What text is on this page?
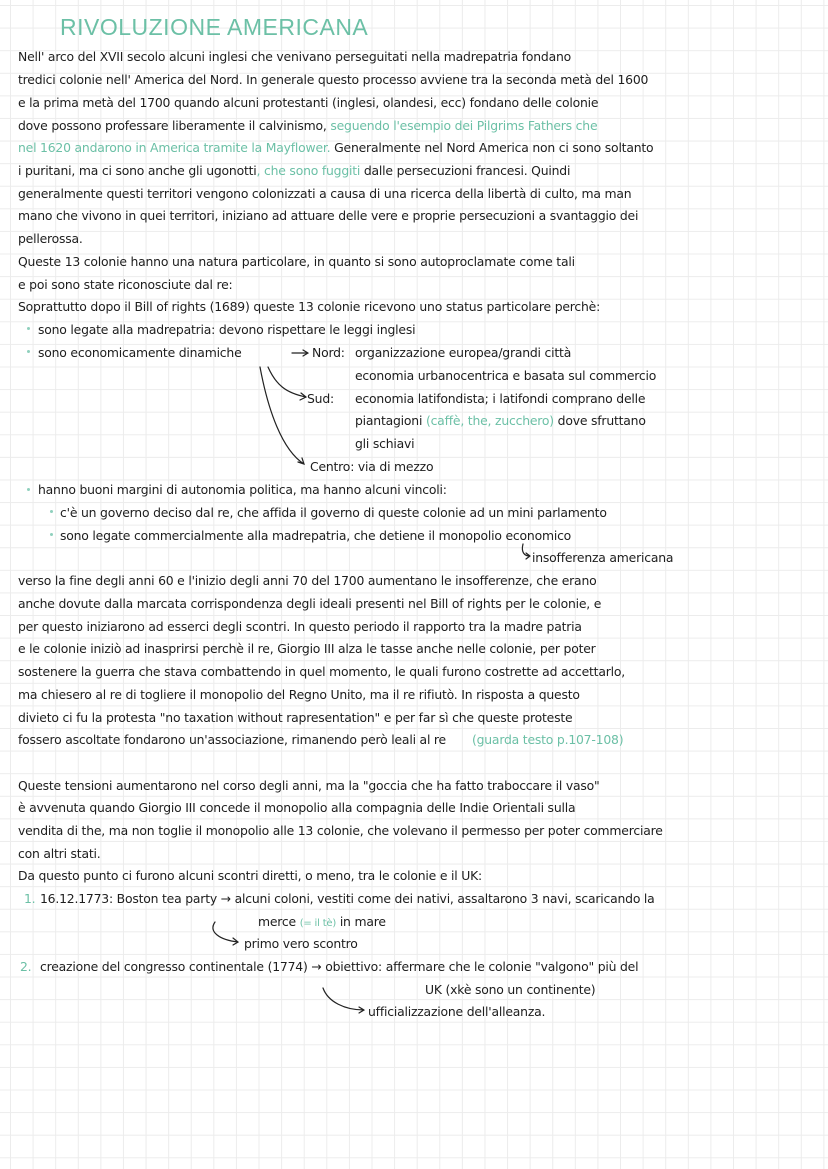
RIVOLUZIONE AMERICANA
Nell' arco del XVII secolo alcuni inglesi che venivano perseguitati nella madrepatria fondano
tredici colonie nell' America del Nord. In generale questo processo avviene tra la seconda metà del 1600
e la prima metà del 1700 quando alcuni protestanti (inglesi, olandesi, ecc) fondano delle colonie
dove possono professare liberamente il calvinismo, seguendo l'esempio dei Pilgrims Fathers che
nel 1620 andarono in America tramite la Mayflower. Generalmente nel Nord America non ci sono soltanto
i puritani, ma ci sono anche gli ugonotti, che sono fuggiti dalle persecuzioni francesi. Quindi
generalmente questi territori vengono colonizzati a causa di una ricerca della libertà di culto, ma man
mano che vivono in quei territori, iniziano ad attuare delle vere e proprie persecuzioni a svantaggio dei
pellerossa.
Queste 13 colonie hanno una natura particolare, in quanto si sono autoproclamate come tali
e poi sono state riconosciute dal re:
Soprattutto dopo il Bill of rights (1689) queste 13 colonie ricevono uno status particolare perchè:
sono legate alla madrepatria: devono rispettare le leggi inglesi
sono economicamente dinamiche	Nord: organizzazione europea/grandi città
economia urbanocentrica e basata sul commercio
Sud: economia latifondista; i latifondi comprano delle
piantagioni (caffè, the, zucchero) dove sfruttano
gli schiavi
Centro: via di mezzo
hanno buoni margini di autonomia politica, ma hanno alcuni vincoli:
c'è un governo deciso dal re, che affida il governo di queste colonie ad un mini parlamento
sono legate commercialmente alla madrepatria, che detiene il monopolio economico
insofferenza americana
verso la fine degli anni 60 e l'inizio degli anni 70 del 1700 aumentano le insofferenze, che erano
anche dovute dalla marcata corrispondenza degli ideali presenti nel Bill of rights per le colonie, e
per questo iniziarono ad esserci degli scontri. In questo periodo il rapporto tra la madre patria
e le colonie iniziò ad inasprirsi perchè il re, Giorgio III alza le tasse anche nelle colonie, per poter
sostenere la guerra che stava combattendo in quel momento, le quali furono costrette ad accettarlo,
ma chiesero al re di togliere il monopolio del Regno Unito, ma il re rifiutò. In risposta a questo
divieto ci fu la protesta "no taxation without rapresentation" e per far sì che queste proteste
fossero ascoltate fondarono un'associazione, rimanendo però leali al re (guarda testo p.107-108)
Queste tensioni aumentarono nel corso degli anni, ma la "goccia che ha fatto traboccare il vaso"
è avvenuta quando Giorgio III concede il monopolio alla compagnia delle Indie Orientali sulla
vendita di the, ma non toglie il monopolio alle 13 colonie, che volevano il permesso per poter commerciare
con altri stati.
Da questo punto ci furono alcuni scontri diretti, o meno, tra le colonie e il UK:
1. 16.12.1773: Boston tea party → alcuni coloni, vestiti come dei nativi, assaltarono 3 navi, scaricando la
merce (= il tè) in mare
primo vero scontro
2. creazione del congresso continentale (1774) → obiettivo: affermare che le colonie "valgono" più del
UK (xkè sono un continente)
ufficializzazione dell'alleanza.
